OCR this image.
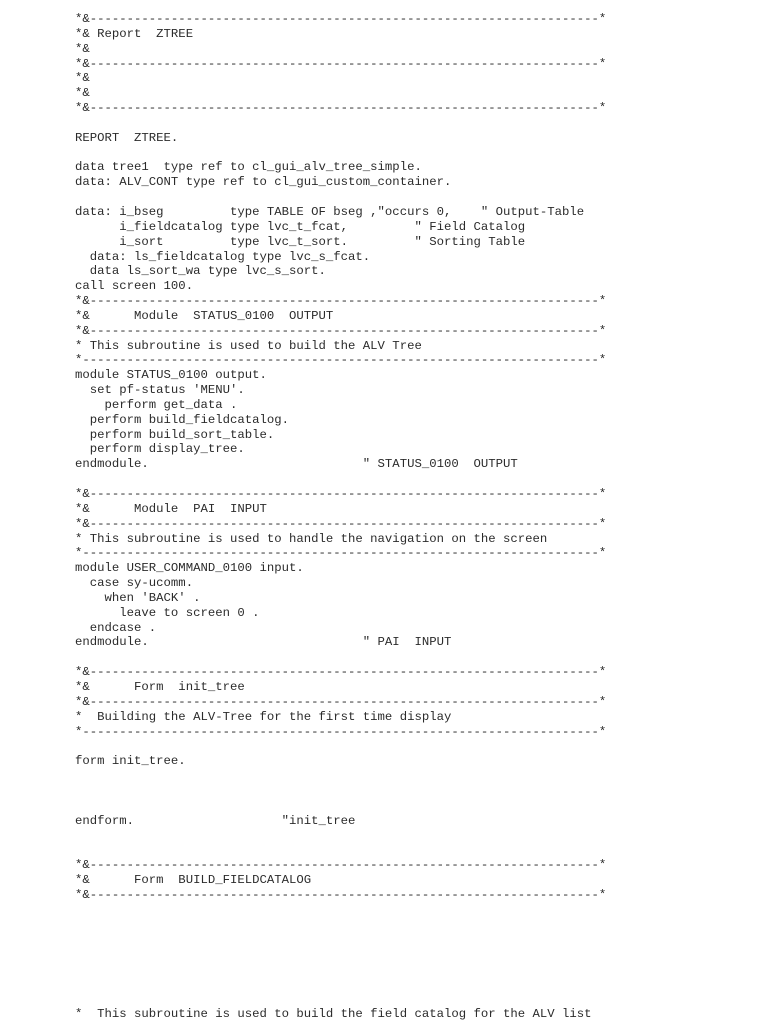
*&---------------------------------------------------------------------*
*& Report  ZTREE
*&
*&---------------------------------------------------------------------*
*&
*&
*&---------------------------------------------------------------------*
REPORT  ZTREE.
data tree1  type ref to cl_gui_alv_tree_simple.
data: ALV_CONT type ref to cl_gui_custom_container.
data: i_bseg         type TABLE OF bseg ,"occurs 0,    " Output-Table
i_fieldcatalog type lvc_t_fcat,         " Field Catalog
i_sort         type lvc_t_sort.         " Sorting Table
data: ls_fieldcatalog type lvc_s_fcat.
data ls_sort_wa type lvc_s_sort.
call screen 100.
*&---------------------------------------------------------------------*
*&      Module  STATUS_0100  OUTPUT
*&---------------------------------------------------------------------*
* This subroutine is used to build the ALV Tree
*----------------------------------------------------------------------*
module STATUS_0100 output.
set pf-status 'MENU'.
perform get_data .
perform build_fieldcatalog.
perform build_sort_table.
perform display_tree.
endmodule.                             " STATUS_0100  OUTPUT
*&---------------------------------------------------------------------*
*&      Module  PAI  INPUT
*&---------------------------------------------------------------------*
* This subroutine is used to handle the navigation on the screen
*----------------------------------------------------------------------*
module USER_COMMAND_0100 input.
case sy-ucomm.
when 'BACK' .
leave to screen 0 .
endcase .
endmodule.                             " PAI  INPUT
*&---------------------------------------------------------------------*
*&      Form  init_tree
*&---------------------------------------------------------------------*
*  Building the ALV-Tree for the first time display
*----------------------------------------------------------------------*
form init_tree.
endform.                    "init_tree
*&---------------------------------------------------------------------*
*&      Form  BUILD_FIELDCATALOG
*&---------------------------------------------------------------------*
*  This subroutine is used to build the field catalog for the ALV list
